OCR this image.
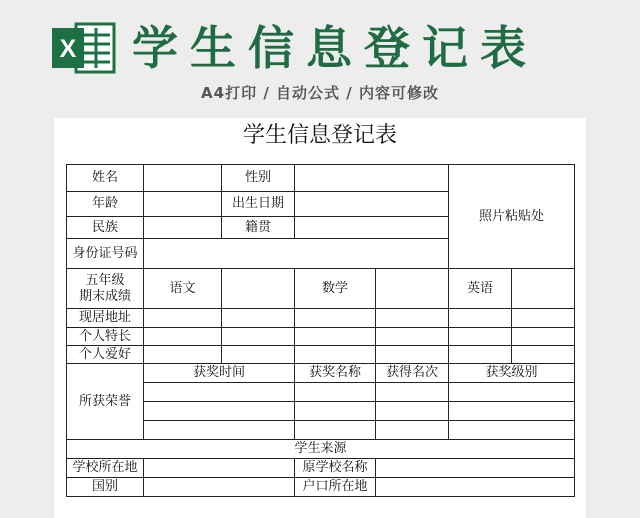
X 学生信息登记表
A4打印 / 自动公式 / 内容可修改
学生信息登记表
姓名		性别			照片粘贴处	
年龄		出生日期				
民族		籍贯				
身份证号码						
五年级
期末成绩	语文		数学		英语	
现居地址						
个人特长						
个人爱好						
所获荣誉	获奖时间		获奖名称	获得名次	获奖级别	

学生来源						
学校所在地			原学校名称			
国别			户口所在地			
